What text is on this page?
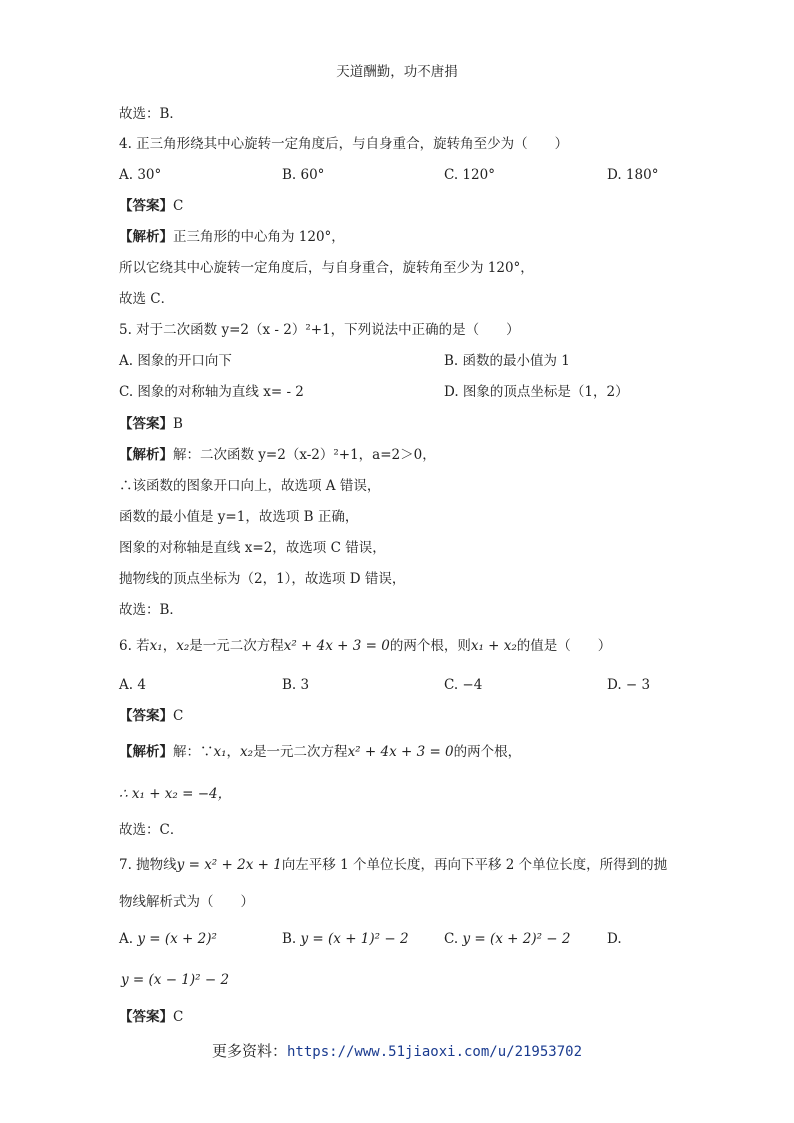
天道酬勤，功不唐捐
故选：B．
4. 正三角形绕其中心旋转一定角度后，与自身重合，旋转角至少为（　　）
A. 30°	B. 60°	C. 120°	D. 180°
【答案】C
【解析】正三角形的中心角为 120°，
所以它绕其中心旋转一定角度后，与自身重合，旋转角至少为 120°，
故选 C．
5. 对于二次函数 y=2（x - 2）²+1，下列说法中正确的是（　　）
A. 图象的开口向下	B. 函数的最小值为 1
C. 图象的对称轴为直线 x= - 2	D. 图象的顶点坐标是（1，2）
【答案】B
【解析】解：二次函数 y=2（x-2）²+1，a=2＞0，
∴该函数的图象开口向上，故选项 A 错误，
函数的最小值是 y=1，故选项 B 正确，
图象的对称轴是直线 x=2，故选项 C 错误，
抛物线的顶点坐标为（2，1），故选项 D 错误，
故选：B．
6. 若x₁，x₂是一元二次方程x² + 4x + 3 = 0的两个根，则x₁ + x₂的值是（　　）
A. 4	B. 3	C. −4	D. − 3
【答案】C
【解析】解：∵x₁，x₂是一元二次方程x² + 4x + 3 = 0的两个根，
∴ x₁ + x₂ = −4，
故选：C．
7. 抛物线y = x² + 2x + 1向左平移 1 个单位长度，再向下平移 2 个单位长度，所得到的抛
物线解析式为（　　）
A. y = (x + 2)²	B. y = (x + 1)² − 2	C. y = (x + 2)² − 2	D.
y = (x − 1)² − 2
【答案】C
更多资料：https://www.51jiaoxi.com/u/21953702
